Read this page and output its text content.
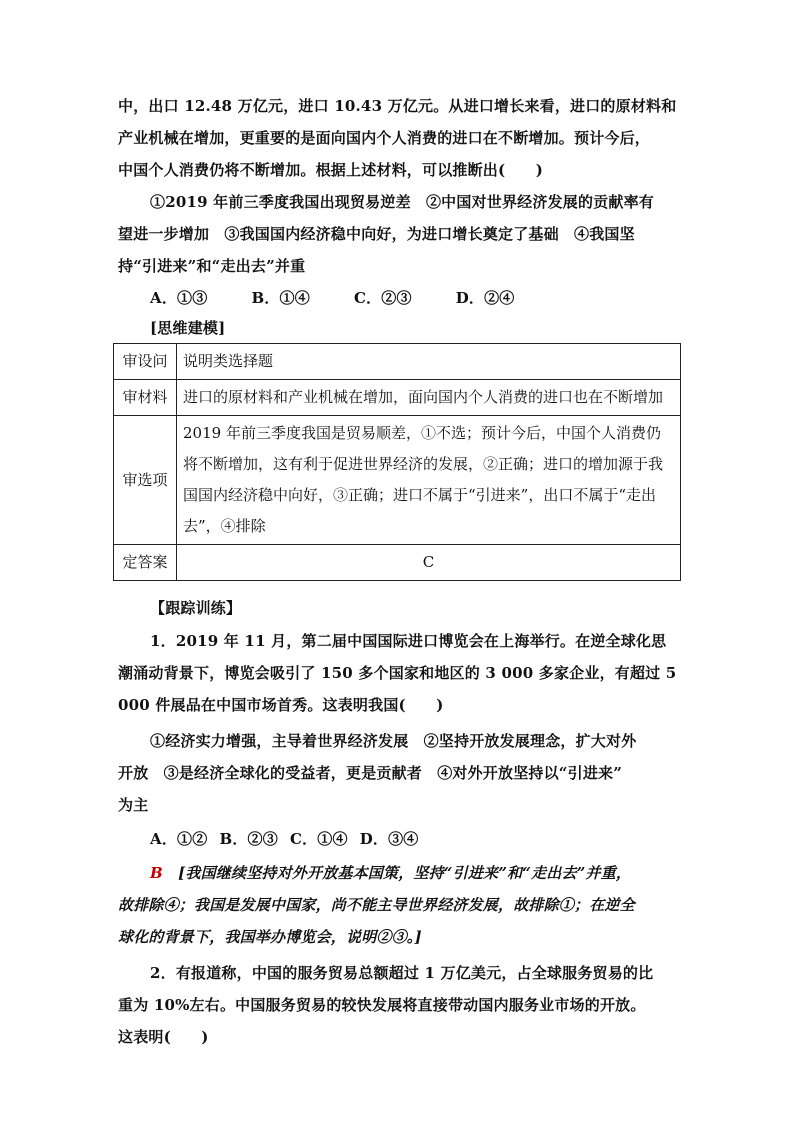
中，出口 12.48 万亿元，进口 10.43 万亿元。从进口增长来看，进口的原材料和
产业机械在增加，更重要的是面向国内个人消费的进口在不断增加。预计今后，
中国个人消费仍将不断增加。根据上述材料，可以推断出(　　)
①2019 年前三季度我国出现贸易逆差　②中国对世界经济发展的贡献率有
望进一步增加　③我国国内经济稳中向好，为进口增长奠定了基础　④我国坚
持“引进来”和“走出去”并重
A．①③	B．①④	C．②③	D．②④
[思维建模]
审设问	说明类选择题
审材料	进口的原材料和产业机械在增加，面向国内个人消费的进口也在不断增加
审选项	2019 年前三季度我国是贸易顺差，①不选；预计今后，中国个人消费仍将不断增加，这有利于促进世界经济的发展，②正确；进口的增加源于我国国内经济稳中向好，③正确；进口不属于“引进来”，出口不属于“走出去”，④排除
定答案	C
【跟踪训练】
1．2019 年 11 月，第二届中国国际进口博览会在上海举行。在逆全球化思
潮涌动背景下，博览会吸引了 150 多个国家和地区的 3 000 多家企业，有超过 5
000 件展品在中国市场首秀。这表明我国(　　)
①经济实力增强，主导着世界经济发展　②坚持开放发展理念，扩大对外
开放　③是经济全球化的受益者，更是贡献者　④对外开放坚持以“引进来”
为主
A．①② B．②③ C．①④ D．③④
B　 [我国继续坚持对外开放基本国策，坚持“引进来”和“走出去”并重，
故排除④；我国是发展中国家，尚不能主导世界经济发展，故排除①；在逆全
球化的背景下，我国举办博览会，说明②③。]
2．有报道称，中国的服务贸易总额超过 1 万亿美元，占全球服务贸易的比
重为 10%左右。中国服务贸易的较快发展将直接带动国内服务业市场的开放。
这表明(　　)
